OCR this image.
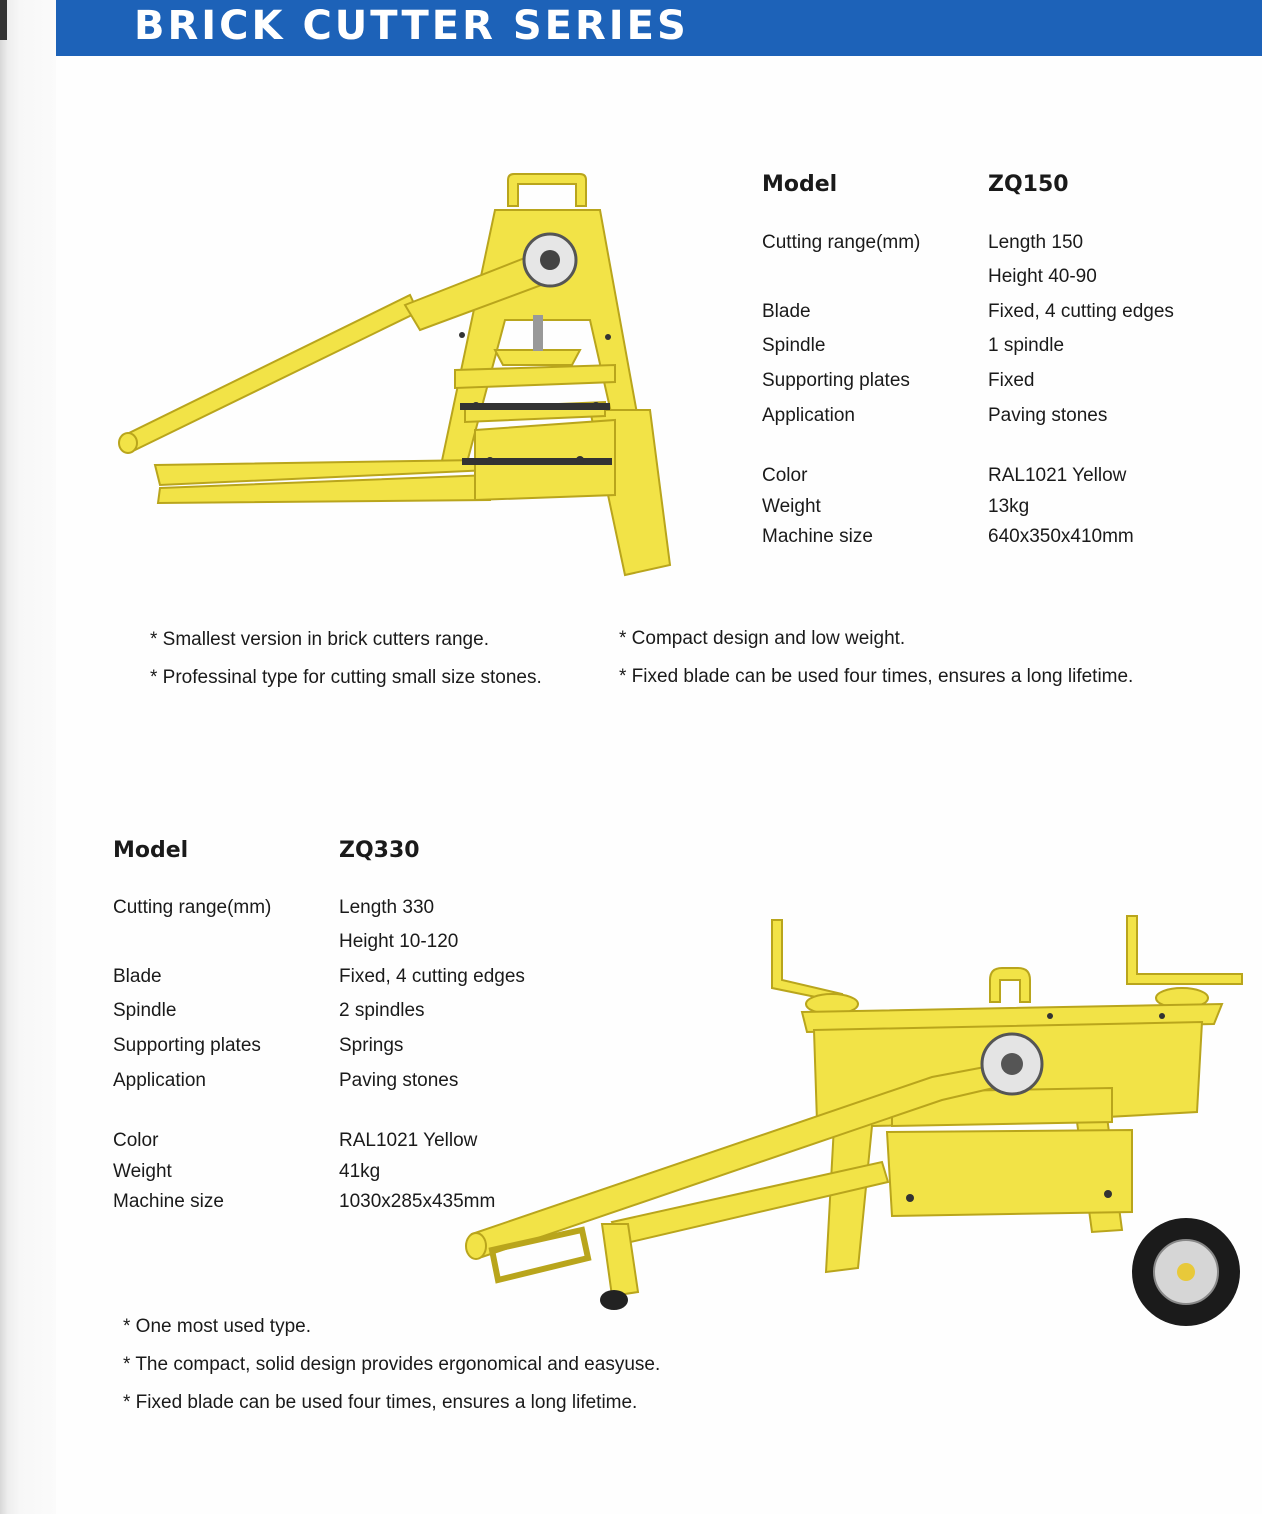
BRICK CUTTER SERIES
Model	ZQ150
Cutting range(mm)	Length 150
Height 40-90
Blade	Fixed, 4 cutting edges
Spindle	1 spindle
Supporting plates	Fixed
Application	Paving stones
Color	RAL1021 Yellow
Weight	13kg
Machine size	640x350x410mm
* Smallest version in brick cutters range.
* Professinal type for cutting small size stones.
* Compact design and low weight.
* Fixed blade can be used four times, ensures a long lifetime.
Model	ZQ330
Cutting range(mm)	Length 330
Height 10-120
Blade	Fixed, 4 cutting edges
Spindle	2 spindles
Supporting plates	Springs
Application	Paving stones
Color	RAL1021 Yellow
Weight	41kg
Machine size	1030x285x435mm
* One most used type.
* The compact, solid design provides ergonomical and easyuse.
* Fixed blade can be used four times, ensures a long lifetime.
